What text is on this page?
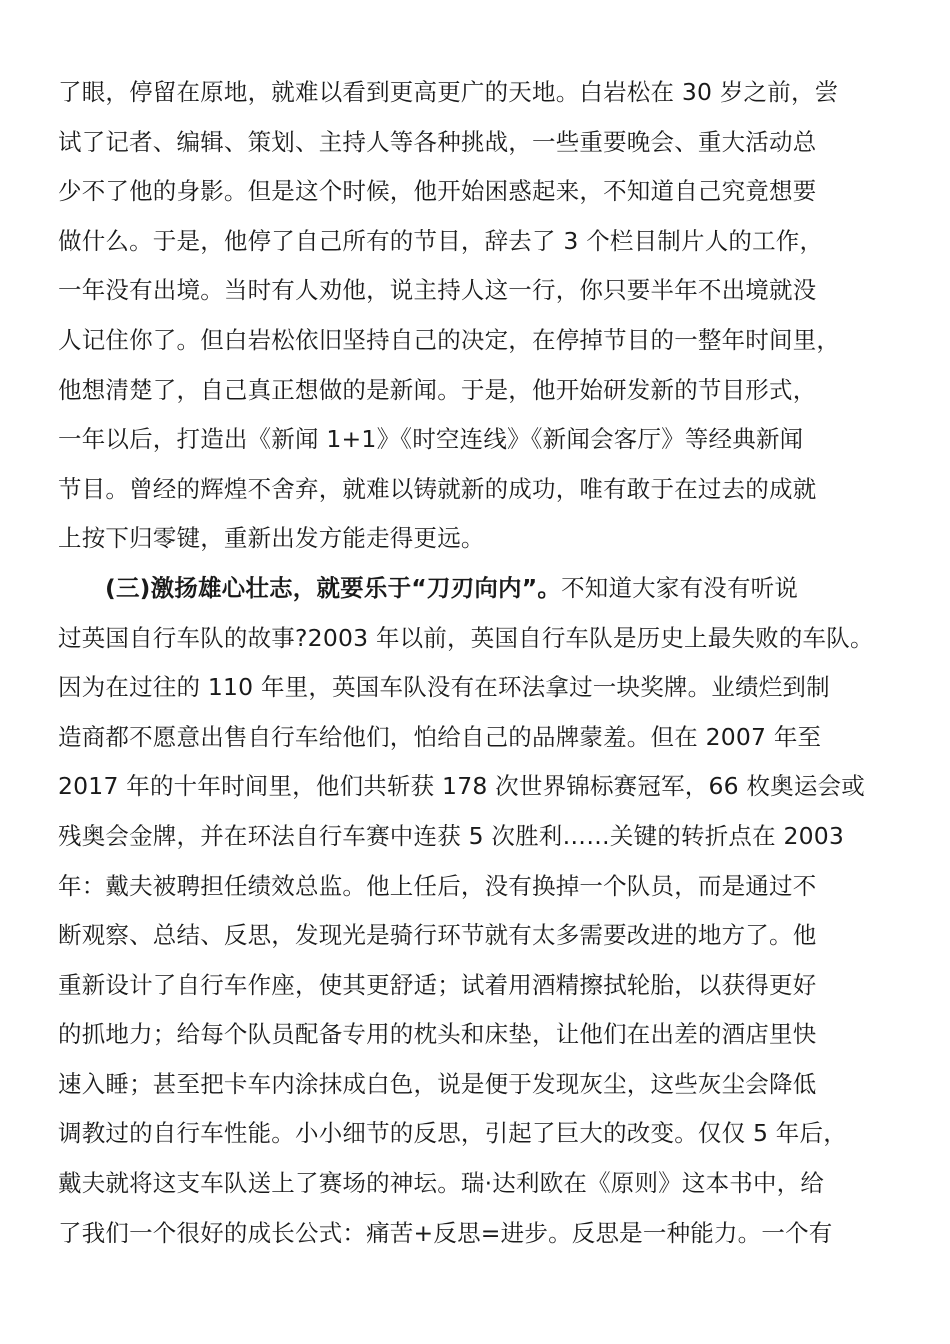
了眼，停留在原地，就难以看到更高更广的天地。白岩松在 30 岁之前，尝
试了记者、编辑、策划、主持人等各种挑战，一些重要晚会、重大活动总
少不了他的身影。但是这个时候，他开始困惑起来，不知道自己究竟想要
做什么。于是，他停了自己所有的节目，辞去了 3 个栏目制片人的工作，
一年没有出境。当时有人劝他，说主持人这一行，你只要半年不出境就没
人记住你了。但白岩松依旧坚持自己的决定，在停掉节目的一整年时间里，
他想清楚了，自己真正想做的是新闻。于是，他开始研发新的节目形式，
一年以后，打造出《新闻 1+1》《时空连线》《新闻会客厅》等经典新闻
节目。曾经的辉煌不舍弃，就难以铸就新的成功，唯有敢于在过去的成就
上按下归零键，重新出发方能走得更远。
(三)激扬雄心壮志，就要乐于“刀刃向内”。不知道大家有没有听说
过英国自行车队的故事?2003 年以前，英国自行车队是历史上最失败的车队。
因为在过往的 110 年里，英国车队没有在环法拿过一块奖牌。业绩烂到制
造商都不愿意出售自行车给他们，怕给自己的品牌蒙羞。但在 2007 年至
2017 年的十年时间里，他们共斩获 178 次世界锦标赛冠军，66 枚奥运会或
残奥会金牌，并在环法自行车赛中连获 5 次胜利……关键的转折点在 2003
年：戴夫被聘担任绩效总监。他上任后，没有换掉一个队员，而是通过不
断观察、总结、反思，发现光是骑行环节就有太多需要改进的地方了。他
重新设计了自行车作座，使其更舒适；试着用酒精擦拭轮胎，以获得更好
的抓地力；给每个队员配备专用的枕头和床垫，让他们在出差的酒店里快
速入睡；甚至把卡车内涂抹成白色，说是便于发现灰尘，这些灰尘会降低
调教过的自行车性能。小小细节的反思，引起了巨大的改变。仅仅 5 年后，
戴夫就将这支车队送上了赛场的神坛。瑞·达利欧在《原则》这本书中，给
了我们一个很好的成长公式：痛苦+反思=进步。反思是一种能力。一个有
